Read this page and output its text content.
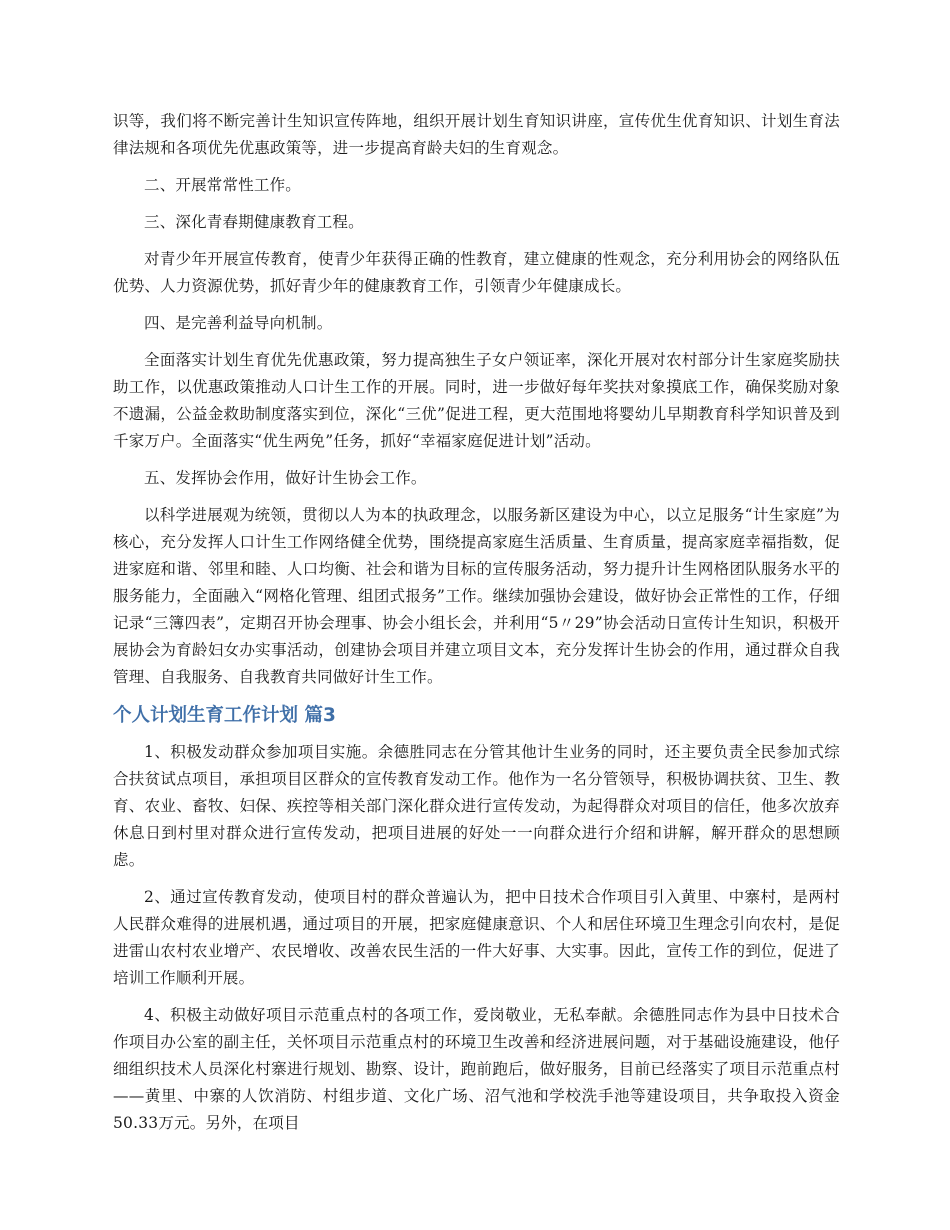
识等，我们将不断完善计生知识宣传阵地，组织开展计划生育知识讲座，宣传优生优育知识、计划生育法律法规和各项优先优惠政策等，进一步提高育龄夫妇的生育观念。

二、开展常常性工作。

三、深化青春期健康教育工程。

对青少年开展宣传教育，使青少年获得正确的性教育，建立健康的性观念，充分利用协会的网络队伍优势、人力资源优势，抓好青少年的健康教育工作，引领青少年健康成长。

四、是完善利益导向机制。

全面落实计划生育优先优惠政策，努力提高独生子女户领证率，深化开展对农村部分计生家庭奖励扶助工作，以优惠政策推动人口计生工作的开展。同时，进一步做好每年奖扶对象摸底工作，确保奖励对象不遗漏，公益金救助制度落实到位，深化“三优”促进工程，更大范围地将婴幼儿早期教育科学知识普及到千家万户。全面落实“优生两免”任务，抓好“幸福家庭促进计划”活动。

五、发挥协会作用，做好计生协会工作。

以科学进展观为统领，贯彻以人为本的执政理念，以服务新区建设为中心，以立足服务“计生家庭”为核心，充分发挥人口计生工作网络健全优势，围绕提高家庭生活质量、生育质量，提高家庭幸福指数，促进家庭和谐、邻里和睦、人口均衡、社会和谐为目标的宣传服务活动，努力提升计生网格团队服务水平的服务能力，全面融入“网格化管理、组团式报务”工作。继续加强协会建设，做好协会正常性的工作，仔细记录“三簿四表”，定期召开协会理事、协会小组长会，并利用“5〃29”协会活动日宣传计生知识，积极开展协会为育龄妇女办实事活动，创建协会项目并建立项目文本，充分发挥计生协会的作用，通过群众自我管理、自我服务、自我教育共同做好计生工作。

个人计划生育工作计划 篇3

1、积极发动群众参加项目实施。余德胜同志在分管其他计生业务的同时，还主要负责全民参加式综合扶贫试点项目，承担项目区群众的宣传教育发动工作。他作为一名分管领导，积极协调扶贫、卫生、教育、农业、畜牧、妇保、疾控等相关部门深化群众进行宣传发动，为起得群众对项目的信任，他多次放弃休息日到村里对群众进行宣传发动，把项目进展的好处一一向群众进行介绍和讲解，解开群众的思想顾虑。

2、通过宣传教育发动，使项目村的群众普遍认为，把中日技术合作项目引入黄里、中寨村，是两村人民群众难得的进展机遇，通过项目的开展，把家庭健康意识、个人和居住环境卫生理念引向农村，是促进雷山农村农业增产、农民增收、改善农民生活的一件大好事、大实事。因此，宣传工作的到位，促进了培训工作顺利开展。

4、积极主动做好项目示范重点村的各项工作，爱岗敬业，无私奉献。余德胜同志作为县中日技术合作项目办公室的副主任，关怀项目示范重点村的环境卫生改善和经济进展问题，对于基础设施建设，他仔细组织技术人员深化村寨进行规划、勘察、设计，跑前跑后，做好服务，目前已经落实了项目示范重点村——黄里、中寨的人饮消防、村组步道、文化广场、沼气池和学校洗手池等建设项目，共争取投入资金50.33万元。另外，在项目
